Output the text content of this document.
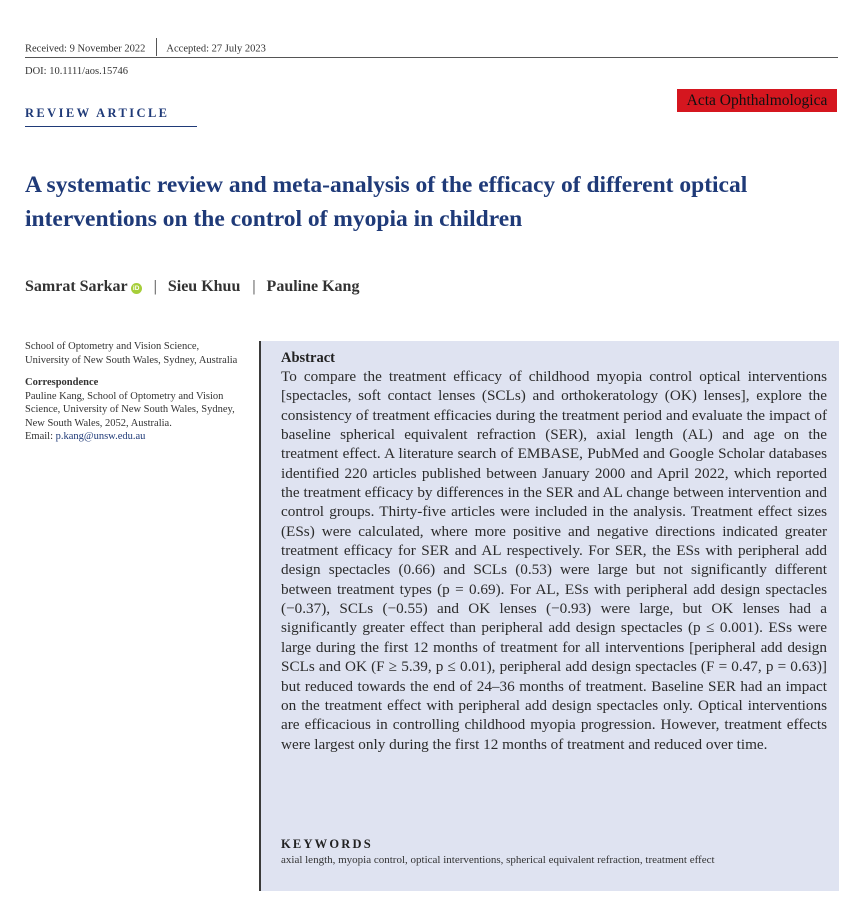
Received: 9 November 2022 Accepted: 27 July 2023
DOI: 10.1111/aos.15746
REVIEW ARTICLE
Acta Ophthalmologica
A systematic review and meta-analysis of the efficacy of different optical interventions on the control of myopia in children
Samrat Sarkar iD | Sieu Khuu | Pauline Kang
School of Optometry and Vision Science, University of New South Wales, Sydney, Australia
Correspondence
Pauline Kang, School of Optometry and Vision Science, University of New South Wales, Sydney, New South Wales, 2052, Australia.
Email: p.kang@unsw.edu.au
Abstract

To compare the treatment efficacy of childhood myopia control optical interventions [spectacles, soft contact lenses (SCLs) and orthokeratology (OK) lenses], explore the consistency of treatment efficacies during the treatment period and evaluate the impact of baseline spherical equivalent refraction (SER), axial length (AL) and age on the treatment effect. A literature search of EMBASE, PubMed and Google Scholar databases identified 220 articles published between January 2000 and April 2022, which reported the treatment efficacy by differences in the SER and AL change between intervention and control groups. Thirty-five articles were included in the analysis. Treatment effect sizes (ESs) were calculated, where more positive and negative directions indicated greater treatment efficacy for SER and AL respectively. For SER, the ESs with peripheral add design spectacles (0.66) and SCLs (0.53) were large but not significantly different between treatment types (p = 0.69). For AL, ESs with peripheral add design spectacles (−0.37), SCLs (−0.55) and OK lenses (−0.93) were large, but OK lenses had a significantly greater effect than peripheral add design spectacles (p ≤ 0.001). ESs were large during the first 12 months of treatment for all interventions [peripheral add design SCLs and OK (F ≥ 5.39, p ≤ 0.01), peripheral add design spectacles (F = 0.47, p = 0.63)] but reduced towards the end of 24–36 months of treatment. Baseline SER had an impact on the treatment effect with peripheral add design spectacles only. Optical interventions are efficacious in controlling childhood myopia progression. However, treatment effects were largest only during the first 12 months of treatment and reduced over time.

KEYWORDS
axial length, myopia control, optical interventions, spherical equivalent refraction, treatment effect
